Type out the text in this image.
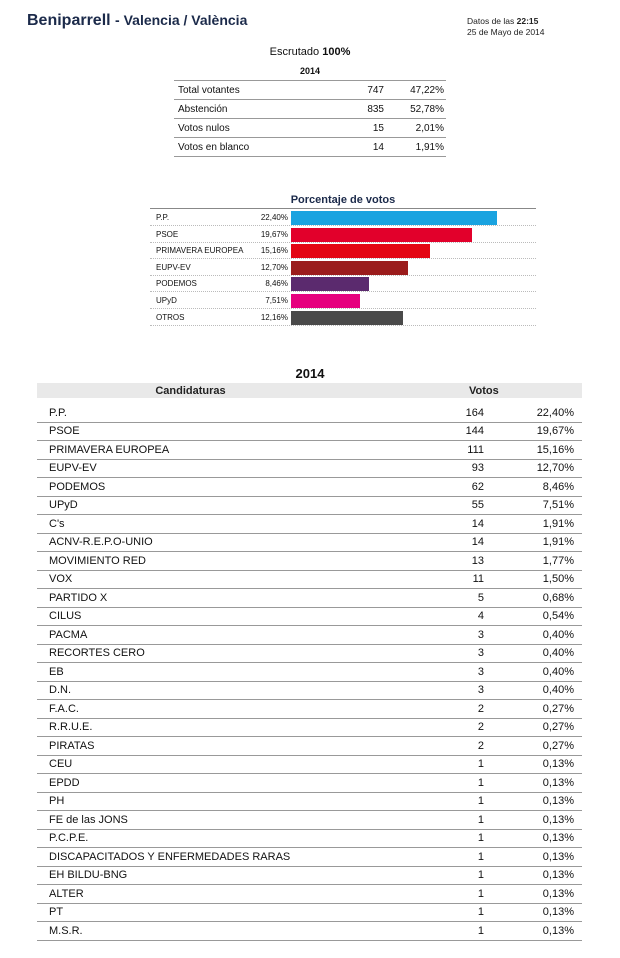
Beniparrell - Valencia / València	Datos de las 22:15
25 de Mayo de 2014
Escrutado 100%
2014		
Total votantes	747	47,22%
Abstención	835	52,78%
Votos nulos	15	2,01%
Votos en blanco	14	1,91%
Porcentaje de votos
P.P.	22,40%
PSOE	19,67%
PRIMAVERA EUROPEA	15,16%
EUPV-EV	12,70%
PODEMOS	8,46%
UPyD	7,51%
OTROS	12,16%
2014
Candidaturas	Votos	
P.P.	164	22,40%
PSOE	144	19,67%
PRIMAVERA EUROPEA	111	15,16%
EUPV-EV	93	12,70%
PODEMOS	62	8,46%
UPyD	55	7,51%
C's	14	1,91%
ACNV-R.E.P.O-UNIO	14	1,91%
MOVIMIENTO RED	13	1,77%
VOX	11	1,50%
PARTIDO X	5	0,68%
CILUS	4	0,54%
PACMA	3	0,40%
RECORTES CERO	3	0,40%
EB	3	0,40%
D.N.	3	0,40%
F.A.C.	2	0,27%
R.R.U.E.	2	0,27%
PIRATAS	2	0,27%
CEU	1	0,13%
EPDD	1	0,13%
PH	1	0,13%
FE de las JONS	1	0,13%
P.C.P.E.	1	0,13%
DISCAPACITADOS Y ENFERMEDADES RARAS	1	0,13%
EH BILDU-BNG	1	0,13%
ALTER	1	0,13%
PT	1	0,13%
M.S.R.	1	0,13%
